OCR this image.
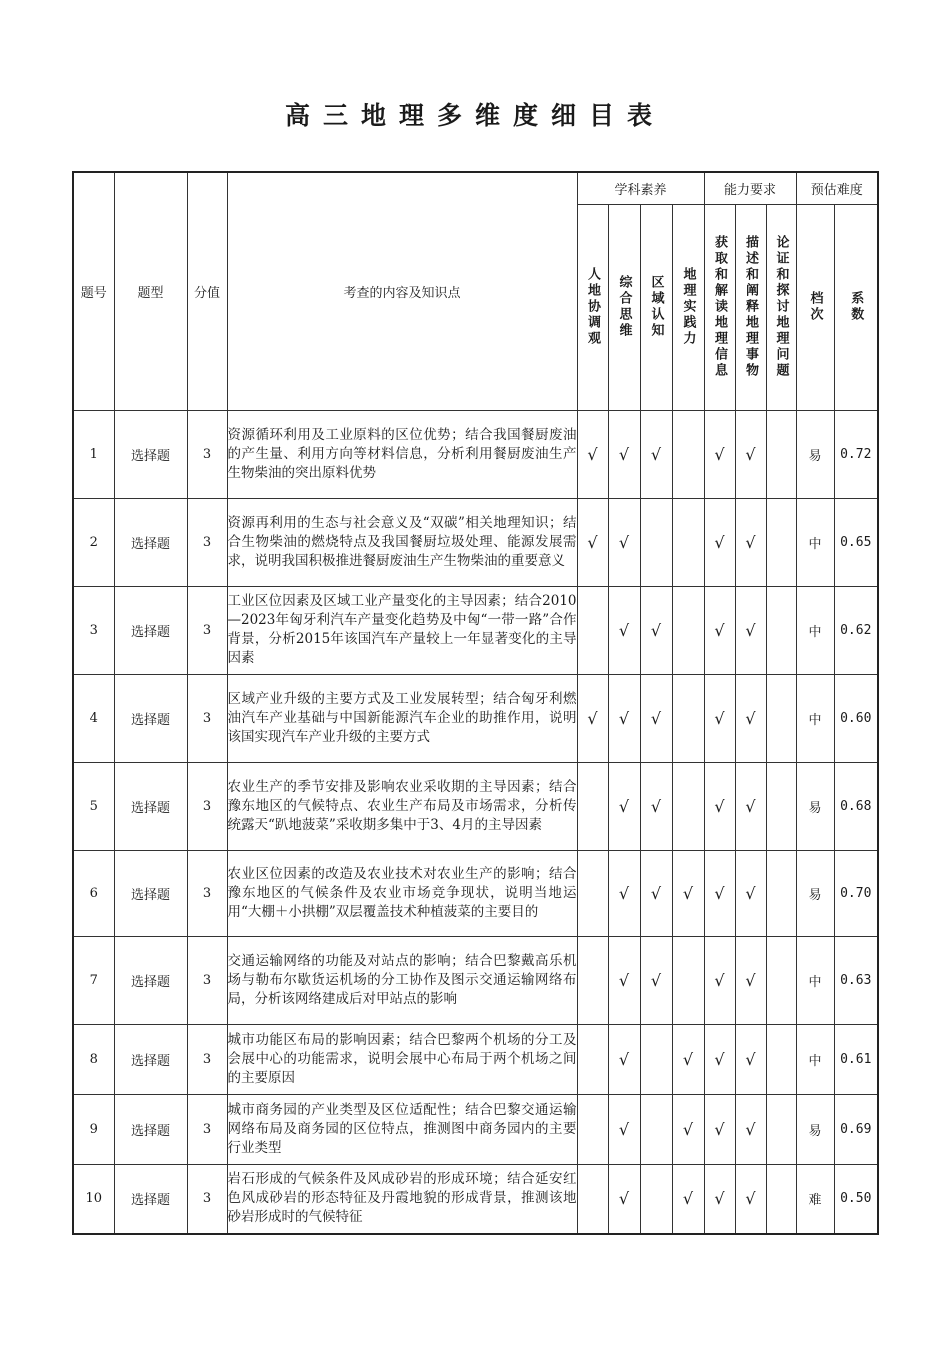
高三地理多维度细目表
题号	题型	分值	考查的内容及知识点	学科素养				能力要求			预估难度	

				人地协调观	综合思维	区域认知	地理实践力	获取和解读地理信息	描述和阐释地理事物	论证和探讨地理问题	档次	系数

1	选择题	3	资源循环利用及工业原料的区位优势；结合我国餐厨废油的产生量、利用方向等材料信息，分析利用餐厨废油生产生物柴油的突出原料优势	√	√	√		√	√		易	0.72
2	选择题	3	资源再利用的生态与社会意义及“双碳”相关地理知识；结合生物柴油的燃烧特点及我国餐厨垃圾处理、能源发展需求，说明我国积极推进餐厨废油生产生物柴油的重要意义	√	√			√	√		中	0.65
3	选择题	3	工业区位因素及区域工业产量变化的主导因素；结合2010—2023年匈牙利汽车产量变化趋势及中匈“一带一路”合作背景，分析2015年该国汽车产量较上一年显著变化的主导因素		√	√		√	√		中	0.62
4	选择题	3	区域产业升级的主要方式及工业发展转型；结合匈牙利燃油汽车产业基础与中国新能源汽车企业的助推作用，说明该国实现汽车产业升级的主要方式	√	√	√		√	√		中	0.60
5	选择题	3	农业生产的季节安排及影响农业采收期的主导因素；结合豫东地区的气候特点、农业生产布局及市场需求，分析传统露天“趴地菠菜”采收期多集中于3、4月的主导因素		√	√		√	√		易	0.68
6	选择题	3	农业区位因素的改造及农业技术对农业生产的影响；结合豫东地区的气候条件及农业市场竞争现状，说明当地运用“大棚＋小拱棚”双层覆盖技术种植菠菜的主要目的		√	√	√	√	√		易	0.70
7	选择题	3	交通运输网络的功能及对站点的影响；结合巴黎戴高乐机场与勒布尔歇货运机场的分工协作及图示交通运输网络布局，分析该网络建成后对甲站点的影响		√	√		√	√		中	0.63
8	选择题	3	城市功能区布局的影响因素；结合巴黎两个机场的分工及会展中心的功能需求，说明会展中心布局于两个机场之间的主要原因		√		√	√	√		中	0.61
9	选择题	3	城市商务园的产业类型及区位适配性；结合巴黎交通运输网络布局及商务园的区位特点，推测图中商务园内的主要行业类型		√		√	√	√		易	0.69
10	选择题	3	岩石形成的气候条件及风成砂岩的形成环境；结合延安红色风成砂岩的形态特征及丹霞地貌的形成背景，推测该地砂岩形成时的气候特征		√		√	√	√		难	0.50
